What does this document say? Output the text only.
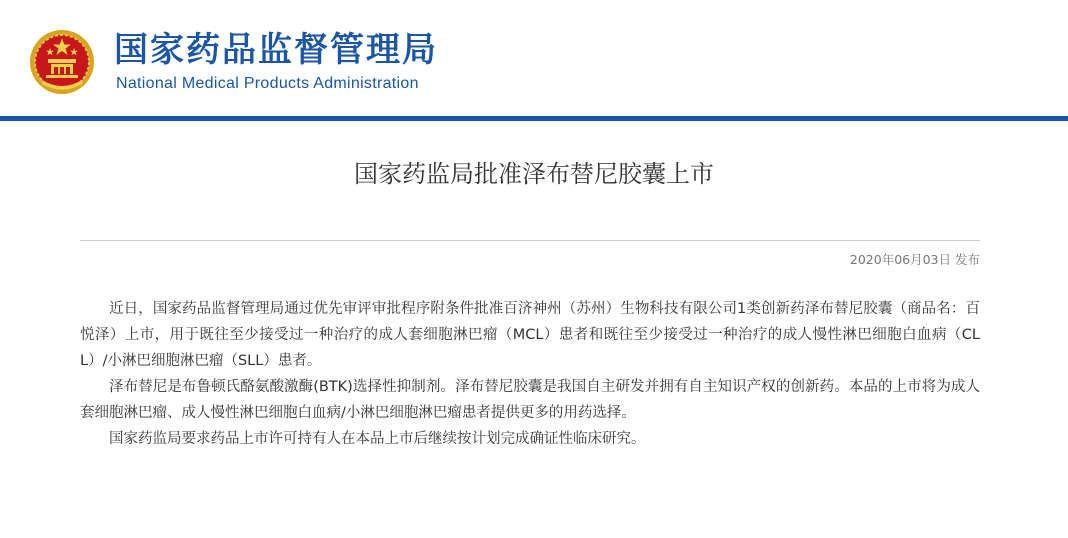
国家药品监督管理局
National Medical Products Administration
国家药监局批准泽布替尼胶囊上市
2020年06月03日 发布

近日，国家药品监督管理局通过优先审评审批程序附条件批准百济神州（苏州）生物科技有限公司1类创新药泽布替尼胶囊（商品名：百悦泽）上市，用于既往至少接受过一种治疗的成人套细胞淋巴瘤（MCL）患者和既往至少接受过一种治疗的成人慢性淋巴细胞白血病（CLL）/小淋巴细胞淋巴瘤（SLL）患者。

泽布替尼是布鲁顿氏酪氨酸激酶(BTK)选择性抑制剂。泽布替尼胶囊是我国自主研发并拥有自主知识产权的创新药。本品的上市将为成人套细胞淋巴瘤、成人慢性淋巴细胞白血病/小淋巴细胞淋巴瘤患者提供更多的用药选择。

国家药监局要求药品上市许可持有人在本品上市后继续按计划完成确证性临床研究。
